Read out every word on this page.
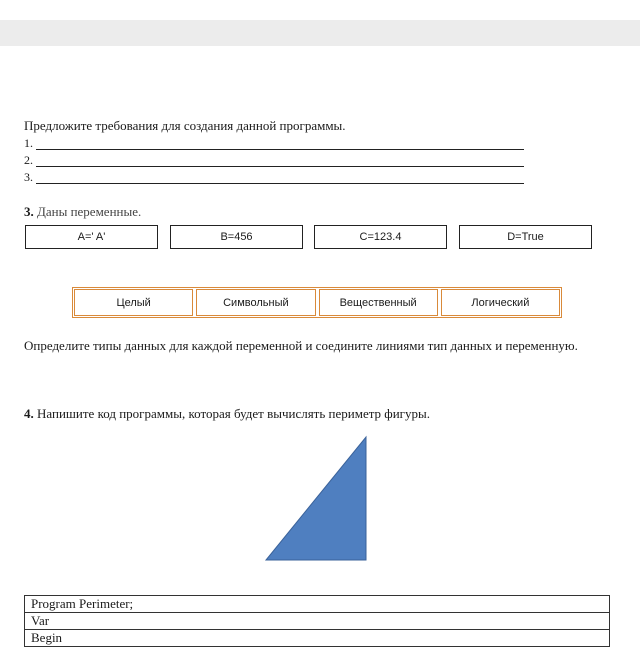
Предложите требования для создания данной программы.
1.
2.
3.
3. Даны переменные.
A=' A'	B=456	C=123.4	D=True
Целый	Символьный	Вещественный	Логический
Определите типы данных для каждой переменной и соедините линиями тип данных и переменную.
4. Напишите код программы, которая будет вычислять периметр фигуры.
Program Perimeter;
Var
Begin
